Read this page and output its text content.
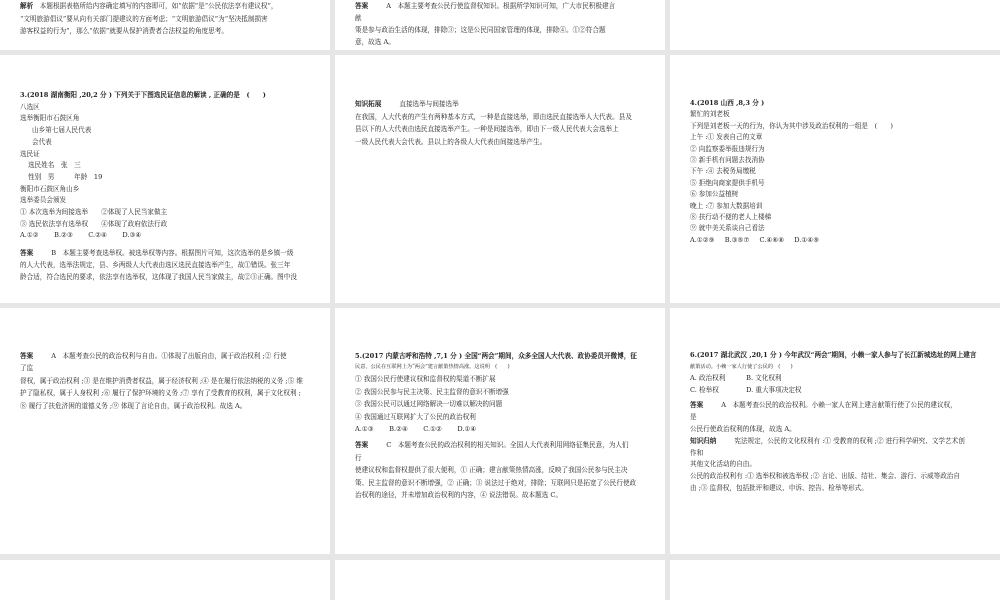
解析　 本题根据表格所给内容确定填写的内容即可，如“依据”是“公民依法享有建议权”，
“文明旅游倡议”要从向有关部门提建议的方面考虑；“文明旅游倡议”为“坚决抵制损害
游客权益的行为”，那么“依据”就要从保护消费者合法权益的角度思考。
答案	A　本题主要考查公民行使监督权知识。根据所学知识可知，广大市民积极建言
献
策是参与政治生活的体现，排除③；这是公民同国家管理的体现，排除④。①②符合题
意，故选 A。
3.(2018 湖南衡阳 ,20,2 分 ) 下列关于下图选民证信息的解读 , 正确的是　(　　)
八选区
选举衡阳市石鼓区角
山乡第七届人民代表
会代表
选民证
选民姓名　张　三
性别　男　　　年龄　19
衡阳市石鼓区角山乡
选举委员会颁发
① 本次选举为间接选举　　②体现了人民当家做主
③ 选民依法享有选举权　　④体现了政府依法行政
A.①② B.②③ C.②④ D.③④
答案	B　本题主要考查选举权。被选举权等内容。根据图片可知，这次选举的是乡镇一级
的人大代表，选举法规定，县、乡两级人大代表由选区选民直接选举产生，故①错误。张三年
龄合适，符合选民的要求，依法享有选举权，这体现了我国人民当家做主，故②③正确。图中没
知识拓展	直接选举与间接选举
在我国，人大代表的产生有两种基本方式，一种是直接选举，即由选民直接选举人大代表。县及
县以下的人大代表由选民直接选举产生。一种是间接选举，即由下一级人民代表大会选举上
一级人民代表大会代表。县以上的各级人大代表由间接选举产生。
4.(2018 山西 ,8,3 分 )
繁忙的刘老板
下列是刘老板一天的行为，你认为其中涉及政治权利的一组是　(　　)
上午 :① 发表自己的文章
② 向监察委举报违规行为
③ 新手机有问题去找消协
下午 :④ 去税务局缴税
⑤ 拒绝向商家提供手机号
⑥ 参加公益植树
晚上 :⑦ 参加大数据培训
⑧ 扶行动不便的老人上楼梯
⑨ 就中美关系谈自己看法
A.①②⑨ B.③⑤⑦ C.④⑥⑧ D.①④⑨
答案	A　本题考查公民的政治权利与自由。①体现了出版自由，属于政治权利 ;② 行使
了监
督权，属于政治权利 ;③ 是在维护消费者权益，属于经济权利 ;④ 是在履行依法纳税的义务 ;⑤ 维
护了隐私权，属于人身权利 ;⑥ 履行了保护环境的义务 ;⑦ 享有了受教育的权利，属于文化权利 ;
⑧ 履行了扶危济困的道德义务 ;⑨ 体现了言论自由，属于政治权利。故选 A。
5.(2017 内蒙古呼和浩特 ,7,1 分 ) 全国“两会”期间，众多全国人大代表、政协委员开微博，征
民意，公民在互联网上为“两会”建言献策热情高涨。这说明　(　　)
① 我国公民行使建议权和监督权的渠道不断扩展
② 我国公民参与民主决策、民主监督的意识不断增强
③ 我国公民可以通过网络解决一切难以解决的问题
④ 我国通过互联网扩大了公民的政治权利
A.①③ B.②④ C.①② D.①④
答案	C　本题考查公民的政治权利的相关知识。全国人大代表利用网络征集民意，为人们
行
使建议权和监督权提供了很大便利，① 正确；建言献策热情高涨，反映了我国公民参与民主决
策、民主监督的意识不断增强，② 正确；③ 说法过于绝对，排除；互联网只是拓宽了公民行使政
治权利的途径，并未增加政治权利的内容，④ 说法错误。故本题选 C。
6.(2017 湖北武汉 ,20,1 分 ) 今年武汉“两会”期间，小赖一家人参与了长江新城选址的网上建言
献策活动。小赖一家人行使了公民的　(　　)
A. 政治权利	B. 文化权利
C. 检举权	D. 重大事项决定权
答案	A　本题考查公民的政治权利。小赖一家人在网上建言献策行使了公民的建议权，
是
公民行使政治权利的体现，故选 A。
知识归纳	宪法规定，公民的文化权利有 :① 受教育的权利 ;② 进行科学研究、文学艺术创
作和
其他文化活动的自由。
公民的政治权利有 :① 选举权和被选举权 ;② 言论、出版、结社、集会、游行、示威等政治自
由 ;③ 监督权，包括批评和建议、申诉、控告、检举等形式。
